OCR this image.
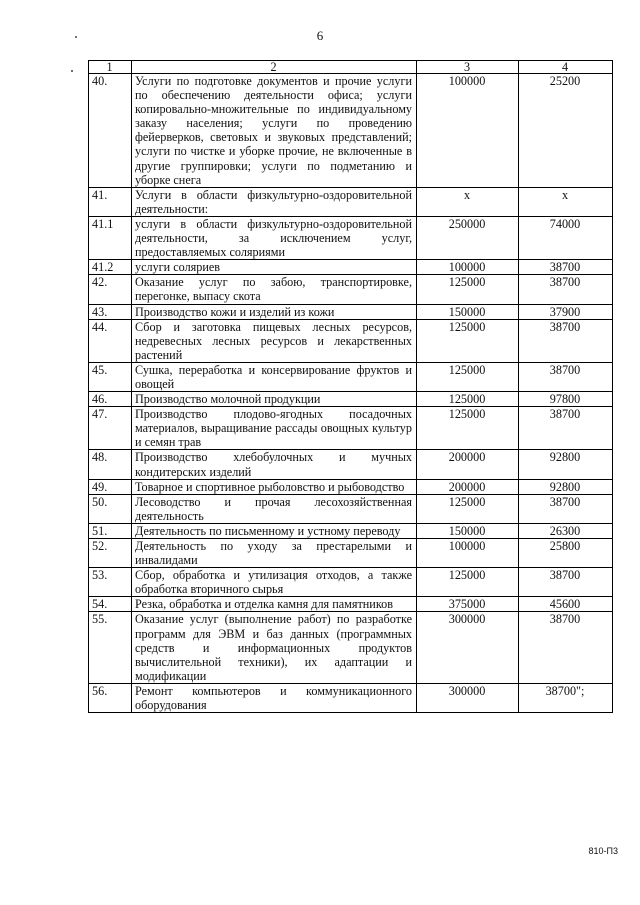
6
1	2	3	4
40.	Услуги по подготовке документов и прочие услуги по обеспечению деятельности офиса; услуги копировально-множительные по индивидуальному заказу населения; услуги по проведению фейерверков, световых и звуковых представлений; услуги по чистке и уборке прочие, не включенные в другие группировки; услуги по подметанию и уборке снега	100000	25200
41.	Услуги в области физкультурно-оздоровительной деятельности:	x	x
41.1	услуги в области физкультурно-оздоровительной деятельности, за исключением услуг, предоставляемых соляриями	250000	74000
41.2	услуги соляриев	100000	38700
42.	Оказание услуг по забою, транспортировке, перегонке, выпасу скота	125000	38700
43.	Производство кожи и изделий из кожи	150000	37900
44.	Сбор и заготовка пищевых лесных ресурсов, недревесных лесных ресурсов и лекарственных растений	125000	38700
45.	Сушка, переработка и консервирование фруктов и овощей	125000	38700
46.	Производство молочной продукции	125000	97800
47.	Производство плодово-ягодных посадочных материалов, выращивание рассады овощных культур и семян трав	125000	38700
48.	Производство хлебобулочных и мучных кондитерских изделий	200000	92800
49.	Товарное и спортивное рыболовство и рыбоводство	200000	92800
50.	Лесоводство и прочая лесохозяйственная деятельность	125000	38700
51.	Деятельность по письменному и устному переводу	150000	26300
52.	Деятельность по уходу за престарелыми и инвалидами	100000	25800
53.	Сбор, обработка и утилизация отходов, а также обработка вторичного сырья	125000	38700
54.	Резка, обработка и отделка камня для памятников	375000	45600
55.	Оказание услуг (выполнение работ) по разработке программ для ЭВМ и баз данных (программных средств и информационных продуктов вычислительной техники), их адаптации и модификации	300000	38700
56.	Ремонт компьютеров и коммуникационного оборудования	300000	38700";
810-П3
